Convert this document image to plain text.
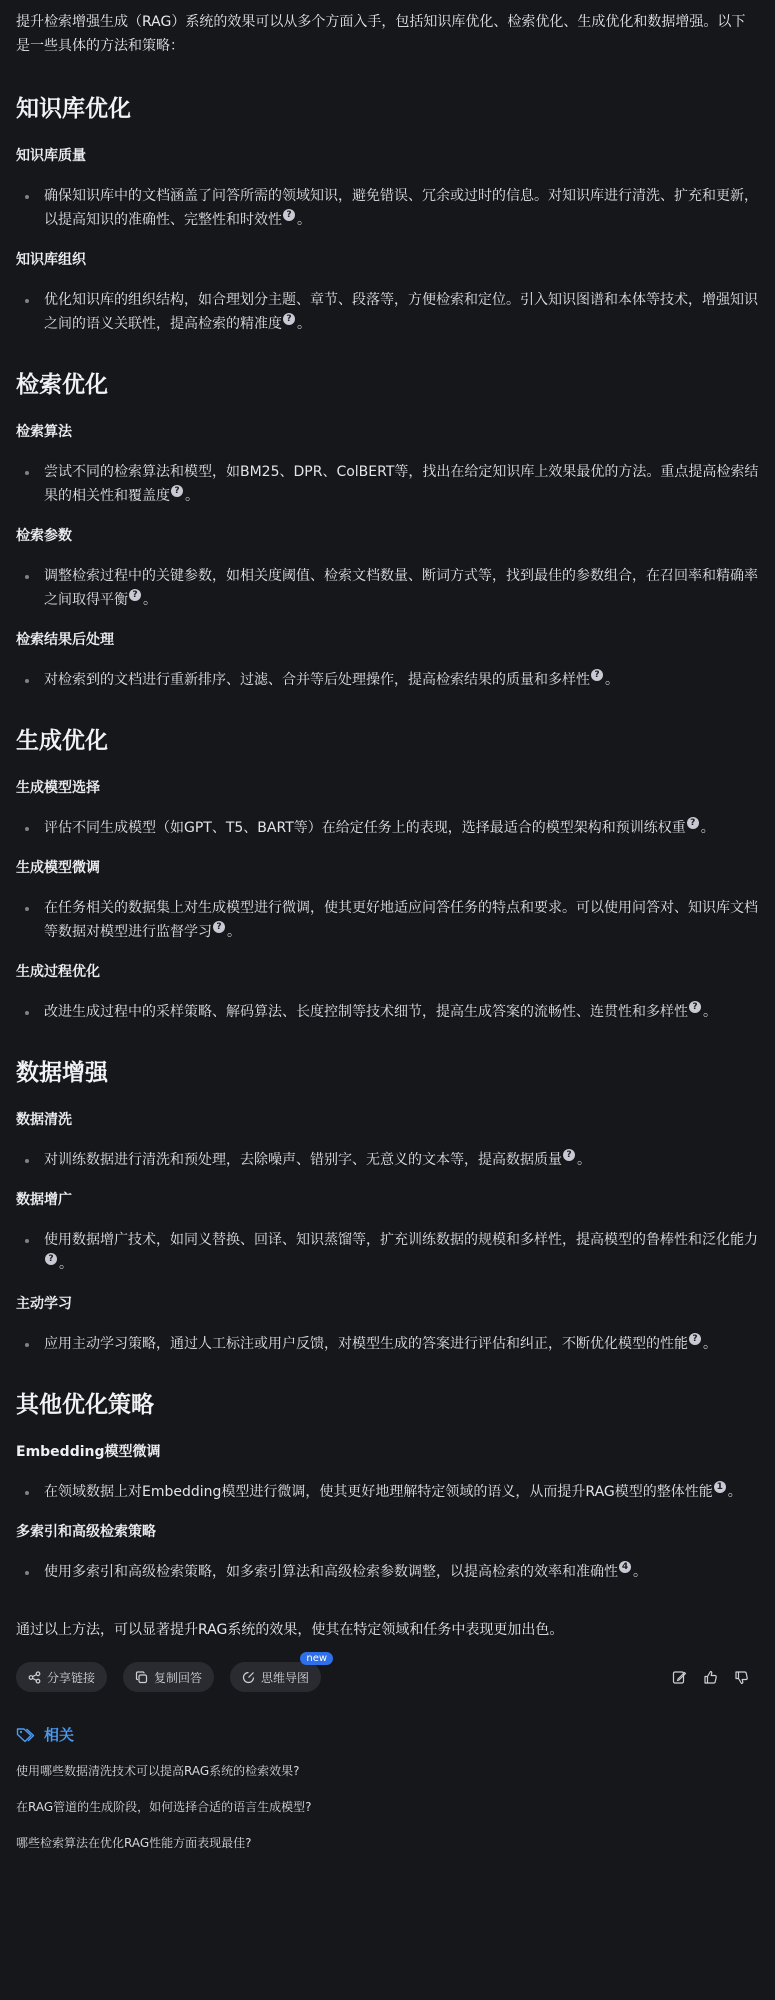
提升检索增强生成（RAG）系统的效果可以从多个方面入手，包括知识库优化、检索优化、生成优化和数据增强。以下是一些具体的方法和策略：

知识库优化
知识库质量
确保知识库中的文档涵盖了问答所需的领域知识，避免错误、冗余或过时的信息。对知识库进行清洗、扩充和更新，以提高知识的准确性、完整性和时效性 ? 。
知识库组织
优化知识库的组织结构，如合理划分主题、章节、段落等，方便检索和定位。引入知识图谱和本体等技术，增强知识之间的语义关联性，提高检索的精准度 ? 。
检索优化
检索算法
尝试不同的检索算法和模型，如BM25、DPR、ColBERT等，找出在给定知识库上效果最优的方法。重点提高检索结果的相关性和覆盖度 ? 。
检索参数
调整检索过程中的关键参数，如相关度阈值、检索文档数量、断词方式等，找到最佳的参数组合，在召回率和精确率之间取得平衡 ? 。
检索结果后处理
对检索到的文档进行重新排序、过滤、合并等后处理操作，提高检索结果的质量和多样性 ? 。
生成优化
生成模型选择
评估不同生成模型（如GPT、T5、BART等）在给定任务上的表现，选择最适合的模型架构和预训练权重 ? 。
生成模型微调
在任务相关的数据集上对生成模型进行微调，使其更好地适应问答任务的特点和要求。可以使用问答对、知识库文档等数据对模型进行监督学习 ? 。
生成过程优化
改进生成过程中的采样策略、解码算法、长度控制等技术细节，提高生成答案的流畅性、连贯性和多样性 ? 。
数据增强
数据清洗
对训练数据进行清洗和预处理，去除噪声、错别字、无意义的文本等，提高数据质量 ? 。
数据增广
使用数据增广技术，如同义替换、回译、知识蒸馏等，扩充训练数据的规模和多样性，提高模型的鲁棒性和泛化能力? 。
主动学习
应用主动学习策略，通过人工标注或用户反馈，对模型生成的答案进行评估和纠正，不断优化模型的性能 ? 。
其他优化策略
Embedding模型微调
在领域数据上对Embedding模型进行微调，使其更好地理解特定领域的语义，从而提升RAG模型的整体性能 1 。
多索引和高级检索策略
使用多索引和高级检索策略，如多索引算法和高级检索参数调整，以提高检索的效率和准确性 4 。

通过以上方法，可以显著提升RAG系统的效果，使其在特定领域和任务中表现更加出色。

分享链接	复制回答	思维导图
new
相关
使用哪些数据清洗技术可以提高RAG系统的检索效果?
在RAG管道的生成阶段，如何选择合适的语言生成模型?
哪些检索算法在优化RAG性能方面表现最佳?
